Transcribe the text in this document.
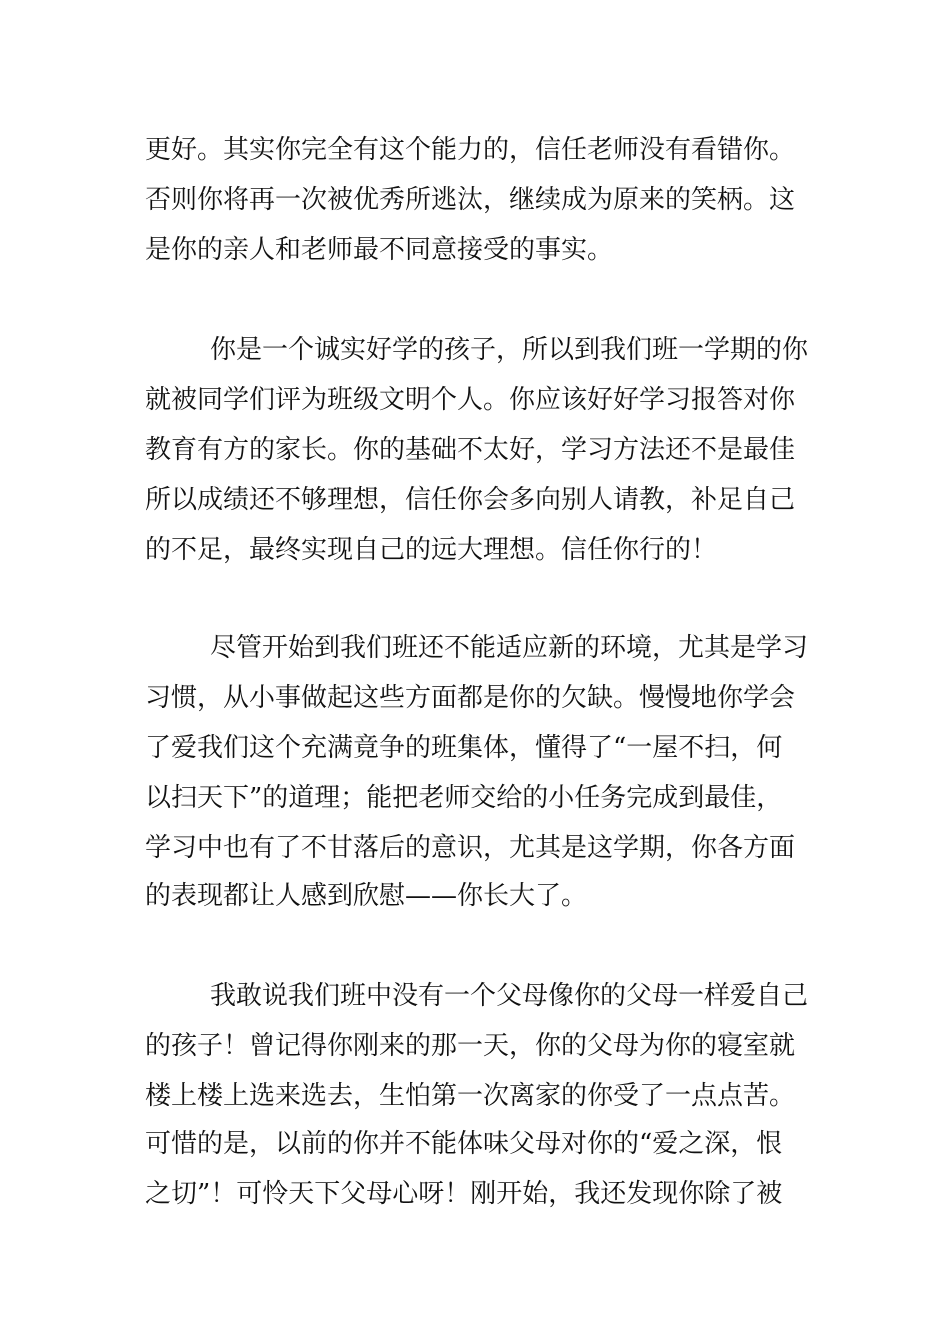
更好。其实你完全有这个能力的，信任老师没有看错你。
否则你将再一次被优秀所逃汰，继续成为原来的笑柄。这
是你的亲人和老师最不同意接受的事实。
你是一个诚实好学的孩子，所以到我们班一学期的你
就被同学们评为班级文明个人。你应该好好学习报答对你
教育有方的家长。你的基础不太好，学习方法还不是最佳
所以成绩还不够理想，信任你会多向别人请教，补足自己
的不足，最终实现自己的远大理想。信任你行的！
尽管开始到我们班还不能适应新的环境，尤其是学习
习惯，从小事做起这些方面都是你的欠缺。慢慢地你学会
了爱我们这个充满竟争的班集体，懂得了“一屋不扫，何
以扫天下”的道理；能把老师交给的小任务完成到最佳，
学习中也有了不甘落后的意识，尤其是这学期，你各方面
的表现都让人感到欣慰——你长大了。
我敢说我们班中没有一个父母像你的父母一样爱自己
的孩子！曾记得你刚来的那一天，你的父母为你的寝室就
楼上楼上选来选去，生怕第一次离家的你受了一点点苦。
可惜的是，以前的你并不能体味父母对你的“爱之深，恨
之切”！可怜天下父母心呀！刚开始，我还发现你除了被
